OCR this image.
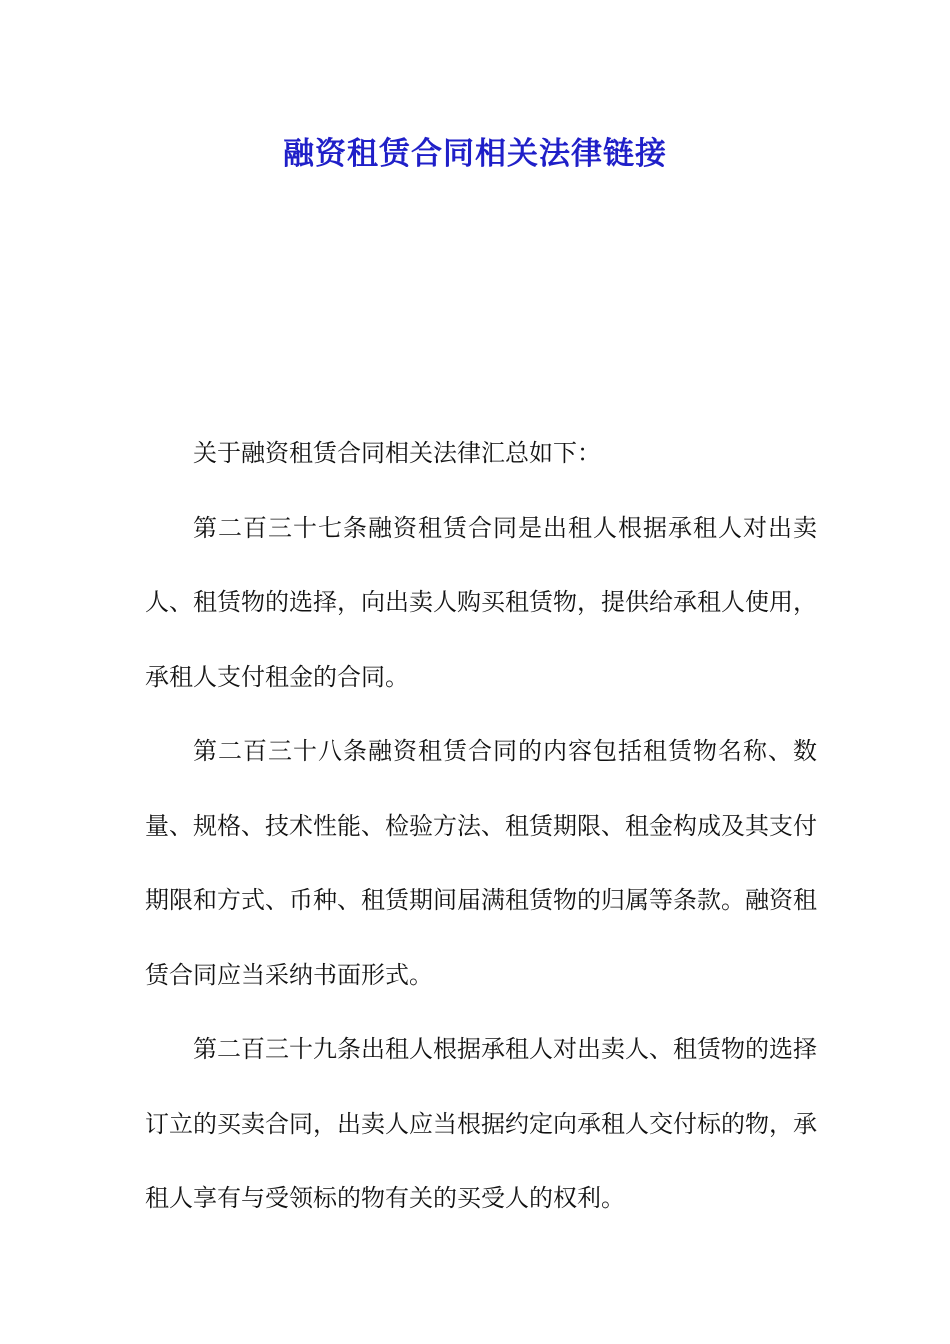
融资租赁合同相关法律链接

关于融资租赁合同相关法律汇总如下：

第二百三十七条融资租赁合同是出租人根据承租人对出卖人、租赁物的选择，向出卖人购买租赁物，提供给承租人使用，承租人支付租金的合同。

第二百三十八条融资租赁合同的内容包括租赁物名称、数量、规格、技术性能、检验方法、租赁期限、租金构成及其支付期限和方式、币种、租赁期间届满租赁物的归属等条款。融资租赁合同应当采纳书面形式。

第二百三十九条出租人根据承租人对出卖人、租赁物的选择订立的买卖合同，出卖人应当根据约定向承租人交付标的物，承租人享有与受领标的物有关的买受人的权利。
